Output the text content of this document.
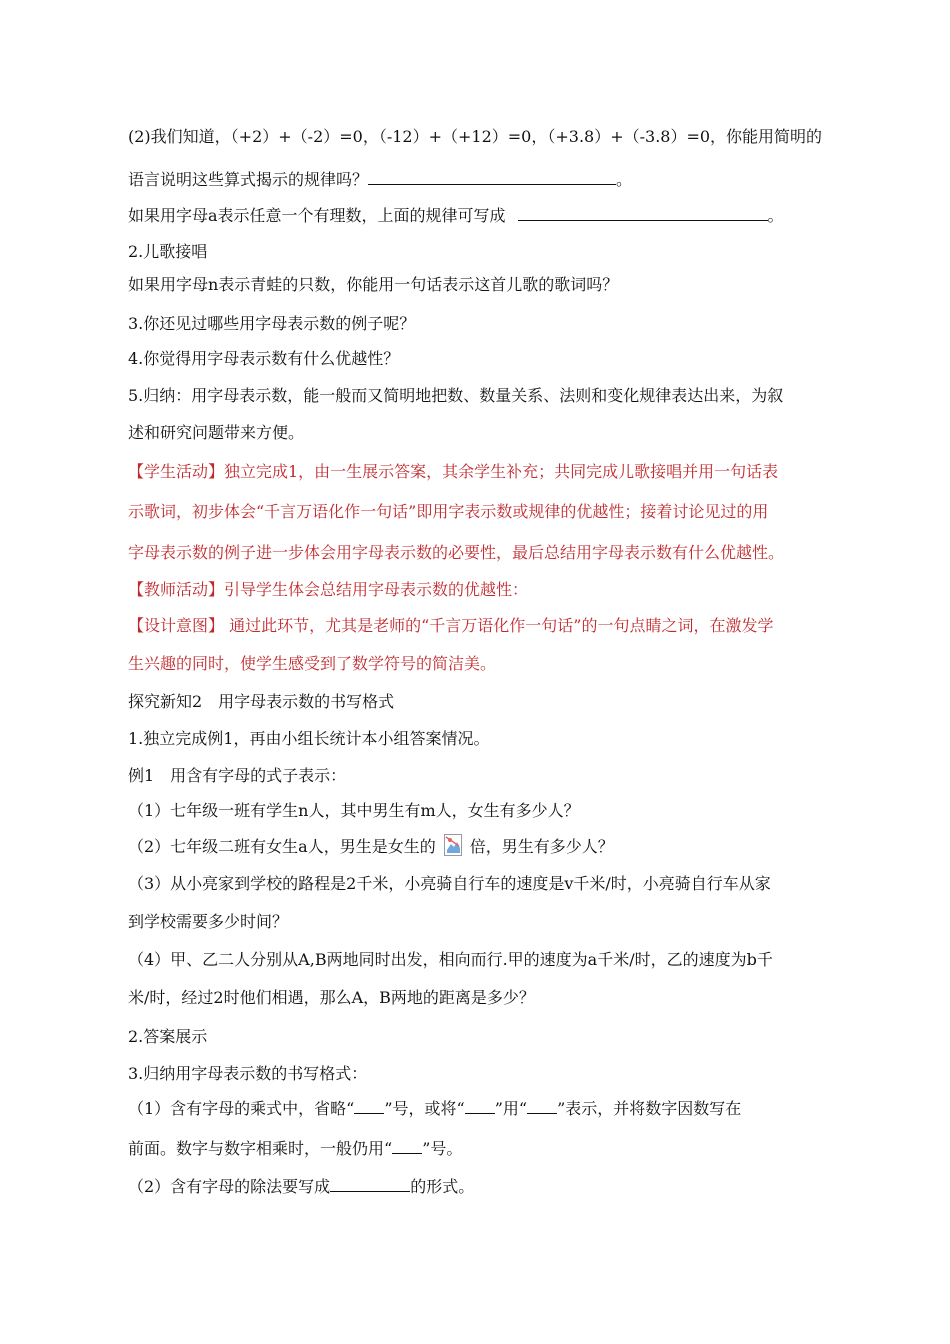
(2)我们知道，（+2）+（-2）=0，（-12）+（+12）=0，（+3.8）+（-3.8）=0，你能用简明的
语言说明这些算式揭示的规律吗？	。
如果用字母a表示任意一个有理数，上面的规律可写成	。
2.儿歌接唱
如果用字母n表示青蛙的只数，你能用一句话表示这首儿歌的歌词吗？
3.你还见过哪些用字母表示数的例子呢？
4.你觉得用字母表示数有什么优越性？
5.归纳：用字母表示数，能一般而又简明地把数、数量关系、法则和变化规律表达出来，为叙
述和研究问题带来方便。
【学生活动】独立完成1，由一生展示答案，其余学生补充；共同完成儿歌接唱并用一句话表
示歌词，初步体会“千言万语化作一句话”即用字表示数或规律的优越性；接着讨论见过的用
字母表示数的例子进一步体会用字母表示数的必要性，最后总结用字母表示数有什么优越性。
【教师活动】引导学生体会总结用字母表示数的优越性：
【设计意图】 通过此环节，尤其是老师的“千言万语化作一句话”的一句点睛之词，在激发学
生兴趣的同时，使学生感受到了数学符号的简洁美。
探究新知2　用字母表示数的书写格式
1.独立完成例1，再由小组长统计本小组答案情况。
例1　用含有字母的式子表示：
（1）七年级一班有学生n人，其中男生有m人，女生有多少人？
（2）七年级二班有女生a人，男生是女生的 倍，男生有多少人？
（3）从小亮家到学校的路程是2千米，小亮骑自行车的速度是v千米/时，小亮骑自行车从家
到学校需要多少时间？
（4）甲、乙二人分别从A,B两地同时出发，相向而行.甲的速度为a千米/时，乙的速度为b千
米/时，经过2时他们相遇，那么A，B两地的距离是多少？
2.答案展示
3.归纳用字母表示数的书写格式：
（1）含有字母的乘式中，省略“ ”号，或将“ ”用“ ”表示，并将数字因数写在
前面。数字与数字相乘时，一般仍用“ ”号。
（2）含有字母的除法要写成	的形式。
